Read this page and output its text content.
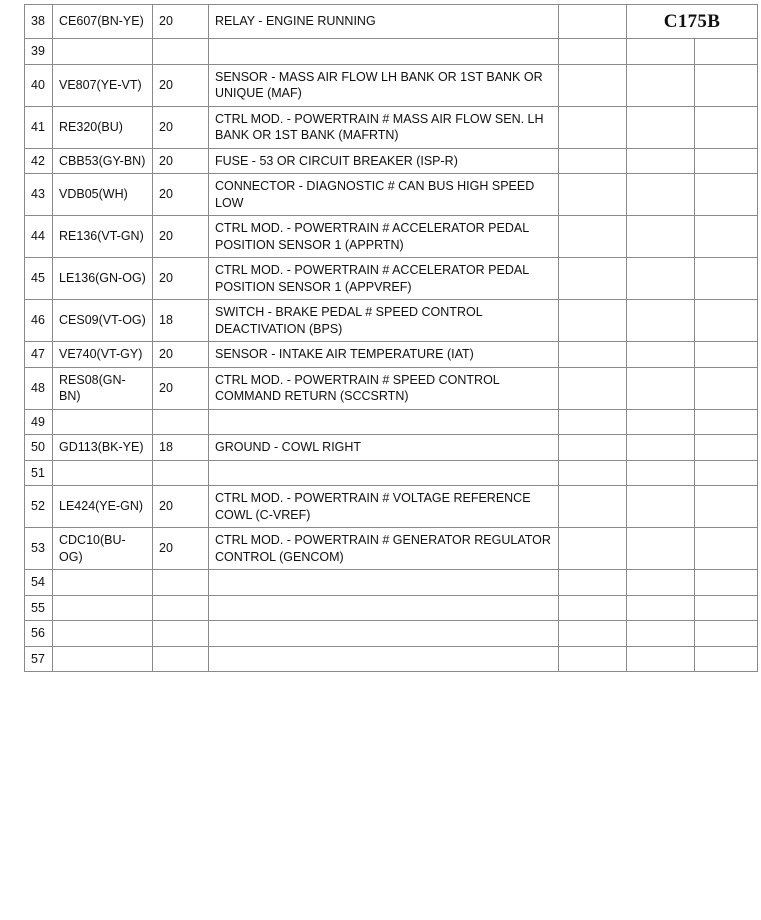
38	CE607(BN-YE)	20	RELAY - ENGINE RUNNING		C175B	
39						
40	VE807(YE-VT)	20	SENSOR - MASS AIR FLOW LH BANK OR 1ST BANK OR UNIQUE (MAF)			
41	RE320(BU)	20	CTRL MOD. - POWERTRAIN # MASS AIR FLOW SEN. LH BANK OR 1ST BANK (MAFRTN)			
42	CBB53(GY-BN)	20	FUSE - 53 OR CIRCUIT BREAKER (ISP-R)			
43	VDB05(WH)	20	CONNECTOR - DIAGNOSTIC # CAN BUS HIGH SPEED LOW			
44	RE136(VT-GN)	20	CTRL MOD. - POWERTRAIN # ACCELERATOR PEDAL POSITION SENSOR 1 (APPRTN)			
45	LE136(GN-OG)	20	CTRL MOD. - POWERTRAIN # ACCELERATOR PEDAL POSITION SENSOR 1 (APPVREF)			
46	CES09(VT-OG)	18	SWITCH - BRAKE PEDAL # SPEED CONTROL DEACTIVATION (BPS)			
47	VE740(VT-GY)	20	SENSOR - INTAKE AIR TEMPERATURE (IAT)			
48	RES08(GN-BN)	20	CTRL MOD. - POWERTRAIN # SPEED CONTROL COMMAND RETURN (SCCSRTN)			
49						
50	GD113(BK-YE)	18	GROUND - COWL RIGHT			
51						
52	LE424(YE-GN)	20	CTRL MOD. - POWERTRAIN # VOLTAGE REFERENCE COWL (C-VREF)			
53	CDC10(BU-OG)	20	CTRL MOD. - POWERTRAIN # GENERATOR REGULATOR CONTROL (GENCOM)			
54						
55						
56						
57						
